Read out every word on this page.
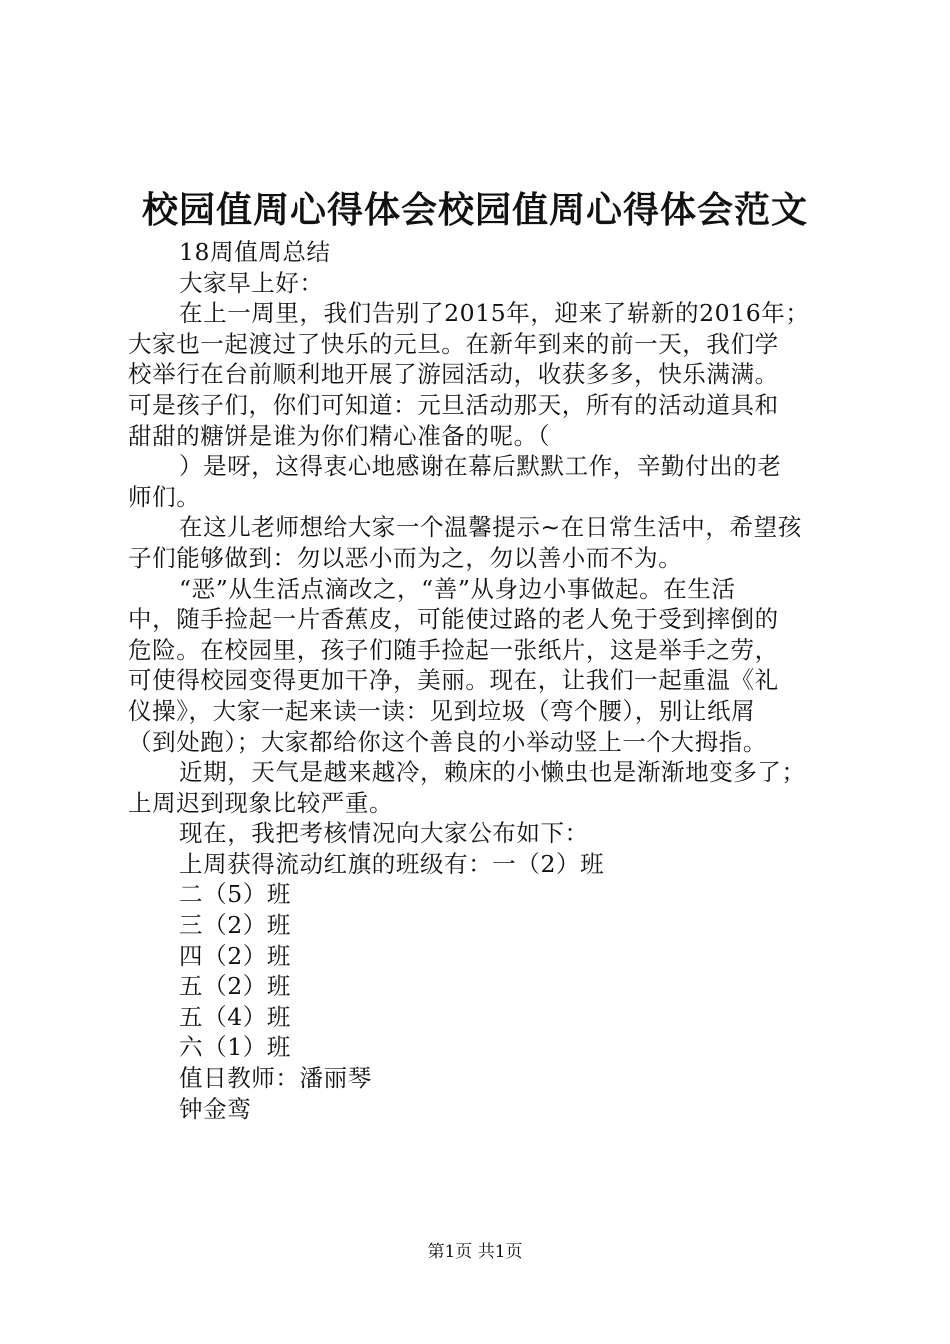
校园值周心得体会校园值周心得体会范文
18周值周总结
大家早上好：
在上一周里，我们告别了2015年，迎来了崭新的2016年；
大家也一起渡过了快乐的元旦。在新年到来的前一天，我们学
校举行在台前顺利地开展了游园活动，收获多多，快乐满满。
可是孩子们，你们可知道：元旦活动那天，所有的活动道具和
甜甜的糖饼是谁为你们精心准备的呢。（
）是呀，这得衷心地感谢在幕后默默工作，辛勤付出的老
师们。
在这儿老师想给大家一个温馨提示~在日常生活中，希望孩
子们能够做到：勿以恶小而为之，勿以善小而不为。
“恶”从生活点滴改之，“善”从身边小事做起。在生活
中，随手捡起一片香蕉皮，可能使过路的老人免于受到摔倒的
危险。在校园里，孩子们随手捡起一张纸片，这是举手之劳，
可使得校园变得更加干净，美丽。现在，让我们一起重温《礼
仪操》，大家一起来读一读：见到垃圾（弯个腰），别让纸屑
（到处跑）；大家都给你这个善良的小举动竖上一个大拇指。
近期，天气是越来越冷，赖床的小懒虫也是渐渐地变多了；
上周迟到现象比较严重。
现在，我把考核情况向大家公布如下：
上周获得流动红旗的班级有：一（2）班
二（5）班
三（2）班
四（2）班
五（2）班
五（4）班
六（1）班
值日教师：潘丽琴
钟金鸾
第1页 共1页
